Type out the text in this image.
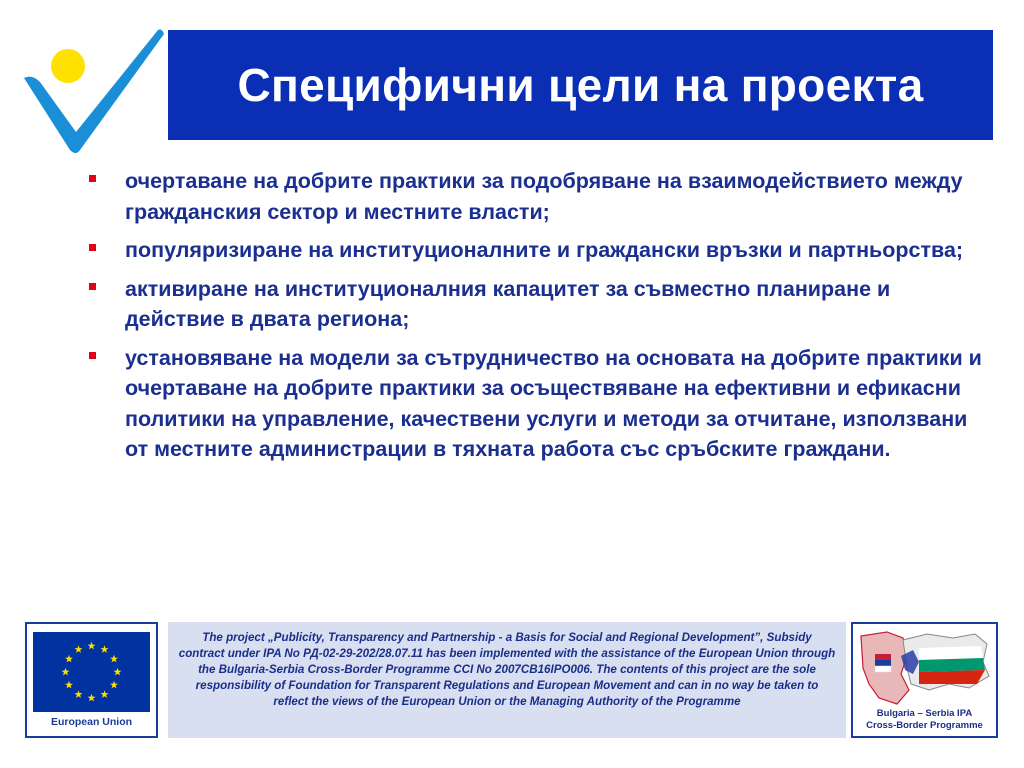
Специфични цели на проекта
очертаване на добрите практики за подобряване на взаимодействието между гражданския сектор и местните власти;
популяризиране на институционалните и граждански връзки и партньорства;
активиране на институционалния капацитет за съвместно планиране и действие в двата региона;
установяване на модели за сътрудничество на основата на добрите практики и очертаване на добрите практики за осъществяване на ефективни и ефикасни политики на управление, качествени услуги и методи за отчитане, използвани от местните администрации в тяхната работа със сръбските граждани.
European Union
The project „Publicity, Transparency and Partnership - a Basis for Social and Regional Development”, Subsidy contract under IPA No РД-02-29-202/28.07.11 has been implemented with the assistance of the European Union through the Bulgaria-Serbia Cross-Border Programme CCI No 2007CB16IPO006. The contents of this project are the sole responsibility of Foundation for Transparent Regulations and European Movement and can in no way be taken to reflect the views of the European Union or the Managing Authority of the Programme
Bulgaria – Serbia IPA
Cross-Border Programme
